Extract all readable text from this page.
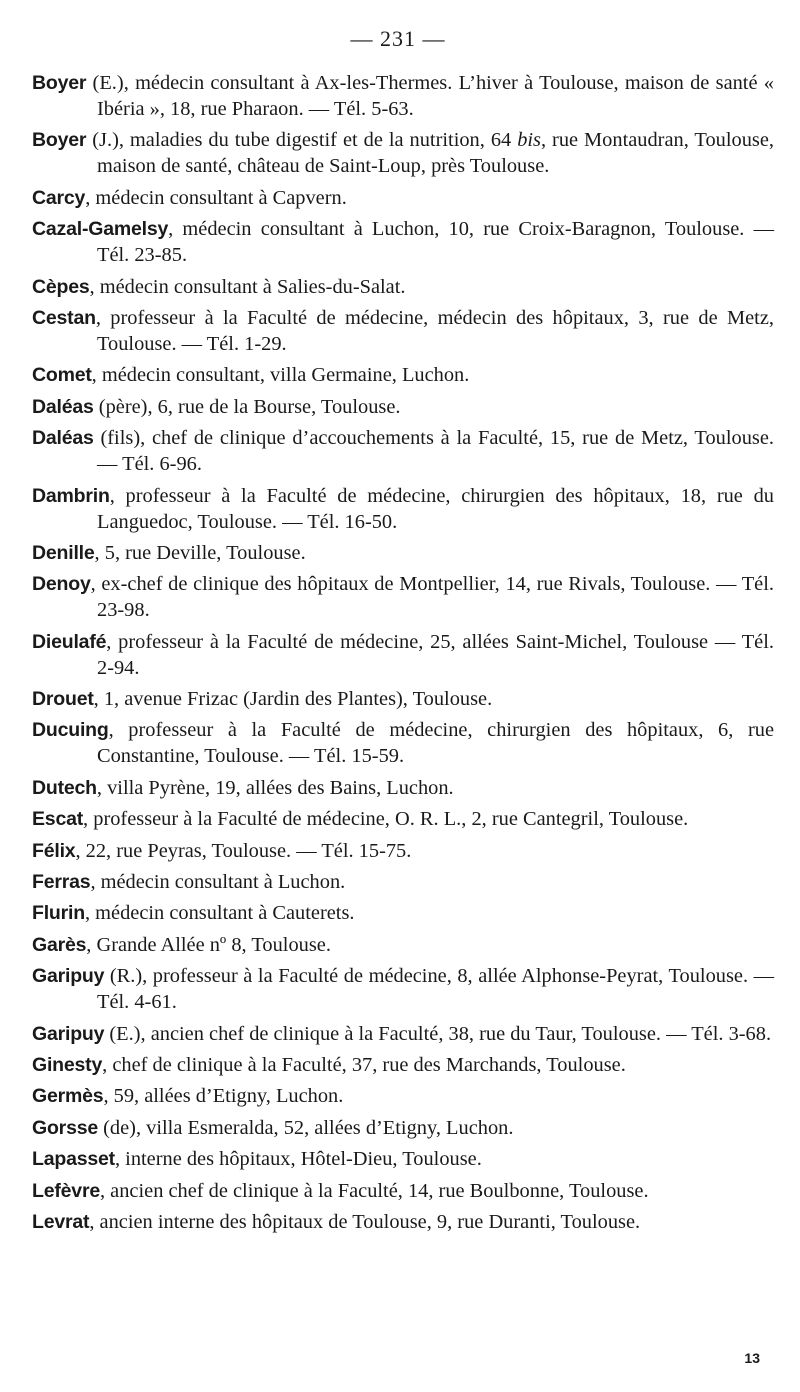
— 231 —
Boyer (E.), médecin consultant à Ax-les-Thermes. L’hiver à Toulouse, maison de santé « Ibéria », 18, rue Pharaon. — Tél. 5-63.
Boyer (J.), maladies du tube digestif et de la nutrition, 64 bis, rue Montaudran, Toulouse, maison de santé, château de Saint-Loup, près Toulouse.
Carcy, médecin consultant à Capvern.
Cazal-Gamelsy, médecin consultant à Luchon, 10, rue Croix-Baragnon, Toulouse. — Tél. 23-85.
Cèpes, médecin consultant à Salies-du-Salat.
Cestan, professeur à la Faculté de médecine, médecin des hôpitaux, 3, rue de Metz, Toulouse. — Tél. 1-29.
Comet, médecin consultant, villa Germaine, Luchon.
Daléas (père), 6, rue de la Bourse, Toulouse.
Daléas (fils), chef de clinique d’accouchements à la Faculté, 15, rue de Metz, Toulouse. — Tél. 6-96.
Dambrin, professeur à la Faculté de médecine, chirurgien des hôpitaux, 18, rue du Languedoc, Toulouse. — Tél. 16-50.
Denille, 5, rue Deville, Toulouse.
Denoy, ex-chef de clinique des hôpitaux de Montpellier, 14, rue Rivals, Toulouse. — Tél. 23-98.
Dieulafé, professeur à la Faculté de médecine, 25, allées Saint-Michel, Toulouse — Tél. 2-94.
Drouet, 1, avenue Frizac (Jardin des Plantes), Toulouse.
Ducuing, professeur à la Faculté de médecine, chirurgien des hôpitaux, 6, rue Constantine, Toulouse. — Tél. 15-59.
Dutech, villa Pyrène, 19, allées des Bains, Luchon.
Escat, professeur à la Faculté de médecine, O. R. L., 2, rue Cantegril, Toulouse.
Félix, 22, rue Peyras, Toulouse. — Tél. 15-75.
Ferras, médecin consultant à Luchon.
Flurin, médecin consultant à Cauterets.
Garès, Grande Allée nº 8, Toulouse.
Garipuy (R.), professeur à la Faculté de médecine, 8, allée Alphonse-Peyrat, Toulouse. — Tél. 4-61.
Garipuy (E.), ancien chef de clinique à la Faculté, 38, rue du Taur, Toulouse. — Tél. 3-68.
Ginesty, chef de clinique à la Faculté, 37, rue des Marchands, Toulouse.
Germès, 59, allées d’Etigny, Luchon.
Gorsse (de), villa Esmeralda, 52, allées d’Etigny, Luchon.
Lapasset, interne des hôpitaux, Hôtel-Dieu, Toulouse.
Lefèvre, ancien chef de clinique à la Faculté, 14, rue Boulbonne, Toulouse.
Levrat, ancien interne des hôpitaux de Toulouse, 9, rue Duranti, Toulouse.
13
